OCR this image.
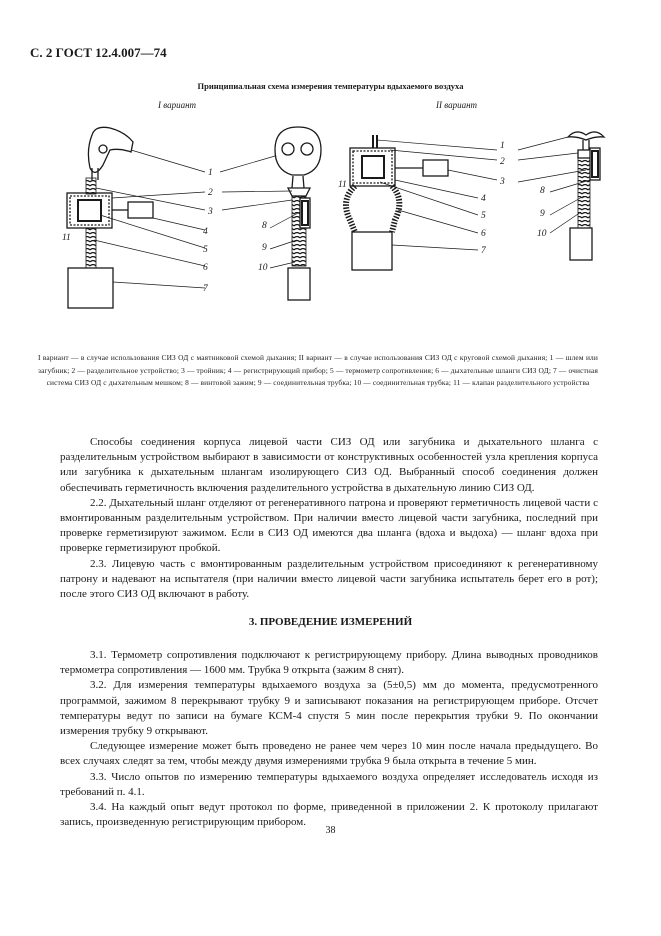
С. 2 ГОСТ 12.4.007—74
Принципиальная схема измерения температуры вдыхаемого воздуха
I вариант	II вариант
1
2
3
4
5
6
7
8
9
10
11
1
2
3
4
5
6
7
8
9
10
11
I вариант — в случае использования СИЗ ОД с маятниковой схемой дыхания; II вариант — в случае использования СИЗ ОД с круговой схемой дыхания; 1 — шлем или загубник; 2 — разделительное устройство; 3 — тройник; 4 — регистрирующий прибор; 5 — термометр сопротивления; 6 — дыхательные шланги СИЗ ОД; 7 — очистная система СИЗ ОД с дыхательным мешком; 8 — винтовой зажим; 9 — соединительная трубка; 10 — соединительная трубка; 11 — клапан разделительного устройства

Способы соединения корпуса лицевой части СИЗ ОД или загубника и дыхательного шланга с разделительным устройством выбирают в зависимости от конструктивных особенностей узла крепления корпуса или загубника к дыхательным шлангам изолирующего СИЗ ОД. Выбранный способ соединения должен обеспечивать герметичность включения разделительного устройства в дыхательную линию СИЗ ОД.

2.2. Дыхательный шланг отделяют от регенеративного патрона и проверяют герметичность лицевой части с вмонтированным разделительным устройством. При наличии вместо лицевой части загубника, последний при проверке герметизируют зажимом. Если в СИЗ ОД имеются два шланга (вдоха и выдоха) — шланг вдоха при проверке герметизируют пробкой.

2.3. Лицевую часть с вмонтированным разделительным устройством присоединяют к регенеративному патрону и надевают на испытателя (при наличии вместо лицевой части загубника испытатель берет его в рот); после этого СИЗ ОД включают в работу.

3. ПРОВЕДЕНИЕ ИЗМЕРЕНИЙ

3.1. Термометр сопротивления подключают к регистрирующему прибору. Длина выводных проводников термометра сопротивления — 1600 мм. Трубка 9 открыта (зажим 8 снят).

3.2. Для измерения температуры вдыхаемого воздуха за (5±0,5) мм до момента, предусмотренного программой, зажимом 8 перекрывают трубку 9 и записывают показания на регистрирующем приборе. Отсчет температуры ведут по записи на бумаге КСМ-4 спустя 5 мин после перекрытия трубки 9. По окончании измерения трубку 9 открывают.

Следующее измерение может быть проведено не ранее чем через 10 мин после начала предыдущего. Во всех случаях следят за тем, чтобы между двумя измерениями трубка 9 была открыта в течение 5 мин.

3.3. Число опытов по измерению температуры вдыхаемого воздуха определяет исследователь исходя из требований п. 4.1.

3.4. На каждый опыт ведут протокол по форме, приведенной в приложении 2. К протоколу прилагают запись, произведенную регистрирующим прибором.

38
